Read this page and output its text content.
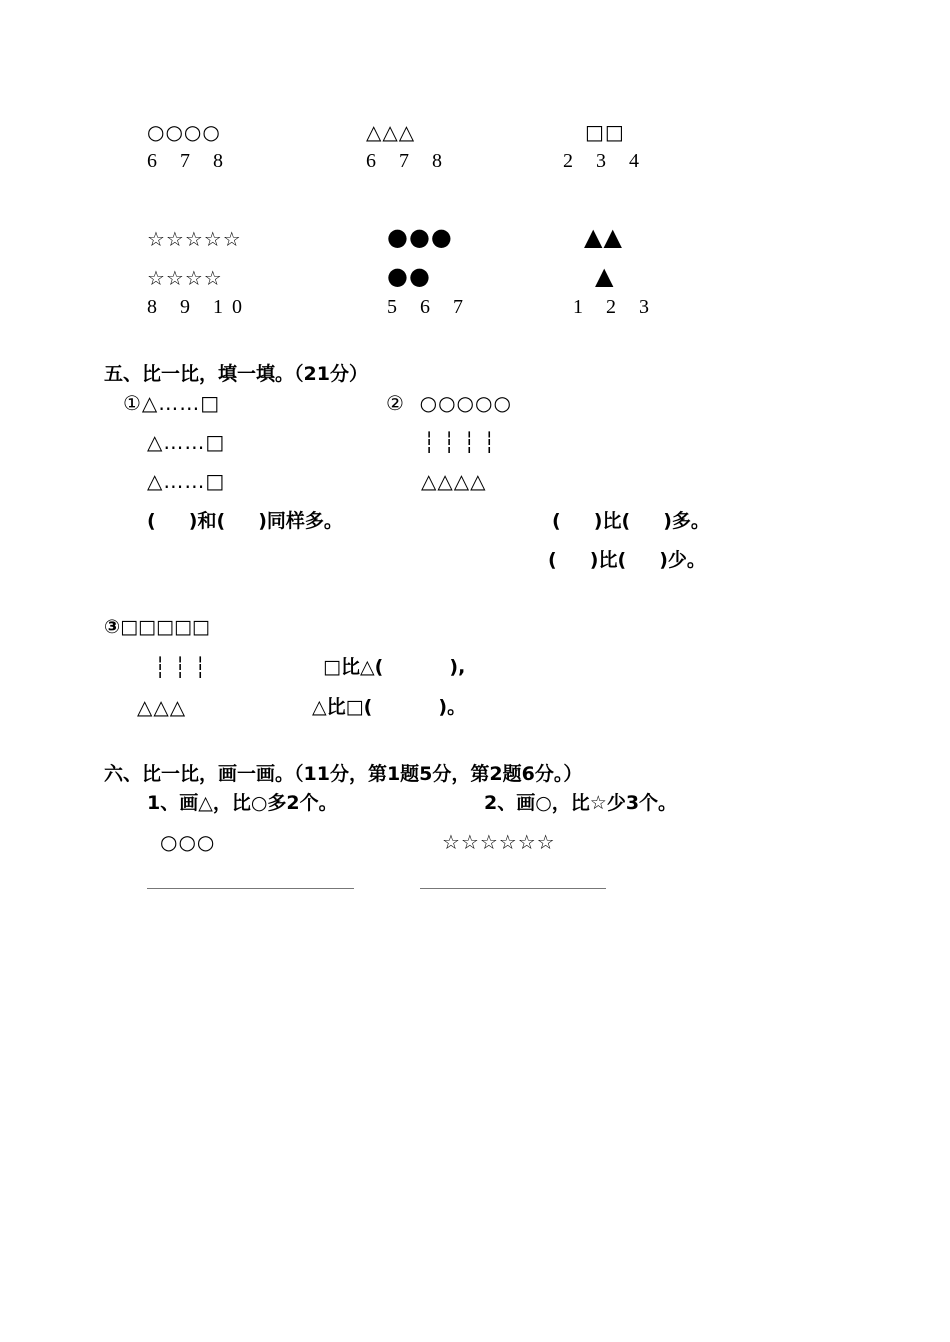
○○○○
6 7 8
△△△
6 7 8
□□
2 3 4
☆☆☆☆☆
☆☆☆☆
8 9 10
●●●
●●
5 6 7
▲▲
▲
1 2 3
五、比一比，填一填。（21分）
①△……□
△……□
△……□
(     )和(     )同样多。
②  ○○○○○
┆┆┆┆
△△△△
(     )比(     )多。
(     )比(     )少。
③□□□□□
┆┆┆
△△△
□比△(          ),
△比□(          )。
六、比一比，画一画。（11分，第1题5分，第2题6分。）
1、画△，比○多2个。	2、画○，比☆少3个。
○○○	☆☆☆☆☆☆
